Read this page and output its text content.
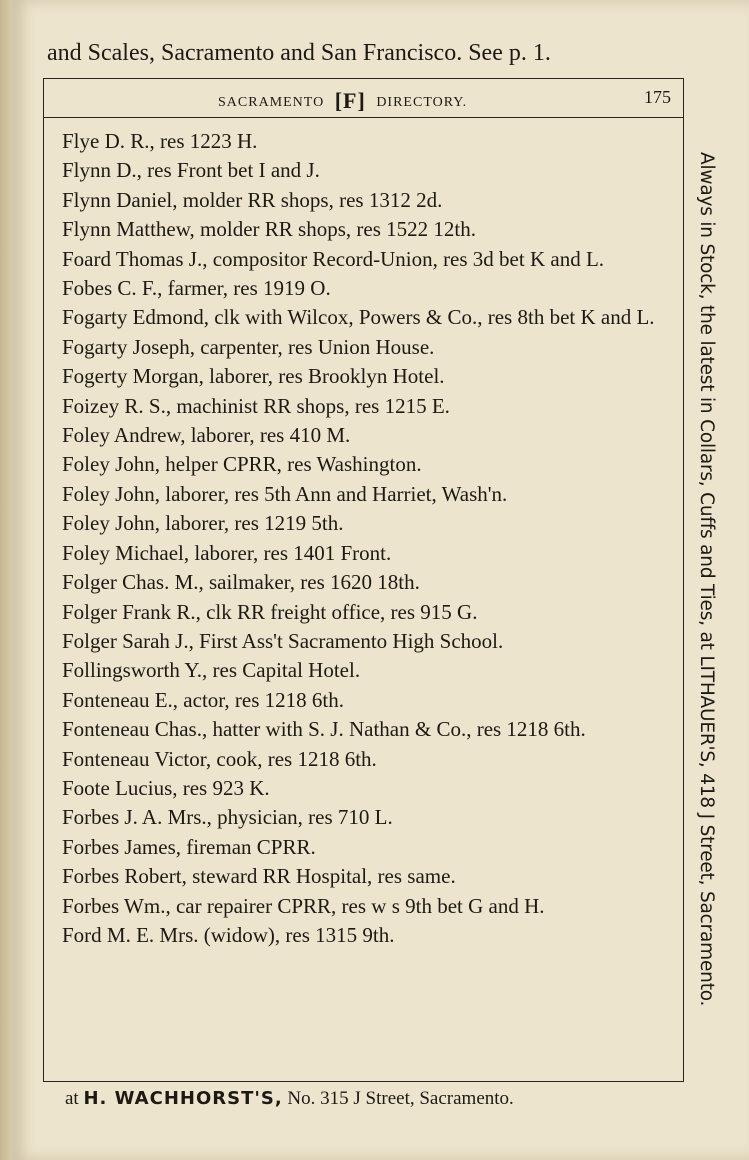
and Scales, Sacramento and San Francisco. See p. 1.
SACRAMENTO [F] DIRECTORY.	175
Flye D. R., res 1223 H.
Flynn D., res Front bet I and J.
Flynn Daniel, molder RR shops, res 1312 2d.
Flynn Matthew, molder RR shops, res 1522 12th.
Foard Thomas J., compositor Record-Union, res 3d bet K and L.
Fobes C. F., farmer, res 1919 O.
Fogarty Edmond, clk with Wilcox, Powers & Co., res 8th bet K and L.
Fogarty Joseph, carpenter, res Union House.
Fogerty Morgan, laborer, res Brooklyn Hotel.
Foizey R. S., machinist RR shops, res 1215 E.
Foley Andrew, laborer, res 410 M.
Foley John, helper CPRR, res Washington.
Foley John, laborer, res 5th Ann and Harriet, Wash'n.
Foley John, laborer, res 1219 5th.
Foley Michael, laborer, res 1401 Front.
Folger Chas. M., sailmaker, res 1620 18th.
Folger Frank R., clk RR freight office, res 915 G.
Folger Sarah J., First Ass't Sacramento High School.
Follingsworth Y., res Capital Hotel.
Fonteneau E., actor, res 1218 6th.
Fonteneau Chas., hatter with S. J. Nathan & Co., res 1218 6th.
Fonteneau Victor, cook, res 1218 6th.
Foote Lucius, res 923 K.
Forbes J. A. Mrs., physician, res 710 L.
Forbes James, fireman CPRR.
Forbes Robert, steward RR Hospital, res same.
Forbes Wm., car repairer CPRR, res w s 9th bet G and H.
Ford M. E. Mrs. (widow), res 1315 9th.	Always in Stock, the latest in Collars, Cuffs and Ties, at LITHAUER'S, 418 J Street, Sacramento.
at H. WACHHORST'S, No. 315 J Street, Sacramento.
